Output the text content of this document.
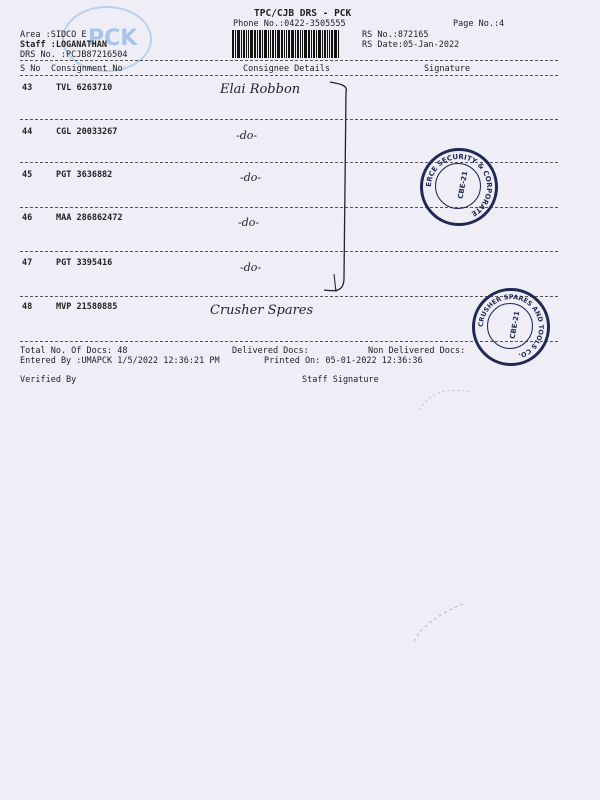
TPC/CJB DRS - PCK
Phone No.:0422-3505555	Page No.:4
PCK
Area :SIDCO E
Staff :LOGANATHAN
DRS No. :PCJB87216504
RS No.:872165
RS Date:05-Jan-2022
S No Consignment No	Consignee Details	Signature
43	TVL 6263710	Elai Robbon
44	CGL 20033267	-do-
45	PGT 3636882	-do-
46	MAA 286862472	-do-
47	PGT 3395416	-do-
48	MVP 21580885	Crusher Spares
ERCE SECURITY & CORPORATE
CBE-21
CRUSHER SPARES AND TOOLS CO.
CBE-21
Total No. Of Docs: 48	Delivered Docs:	Non Delivered Docs:
Entered By :UMAPCK 1/5/2022 12:36:21 PM	Printed On: 05-01-2022 12:36:36
Verified By	Staff Signature
